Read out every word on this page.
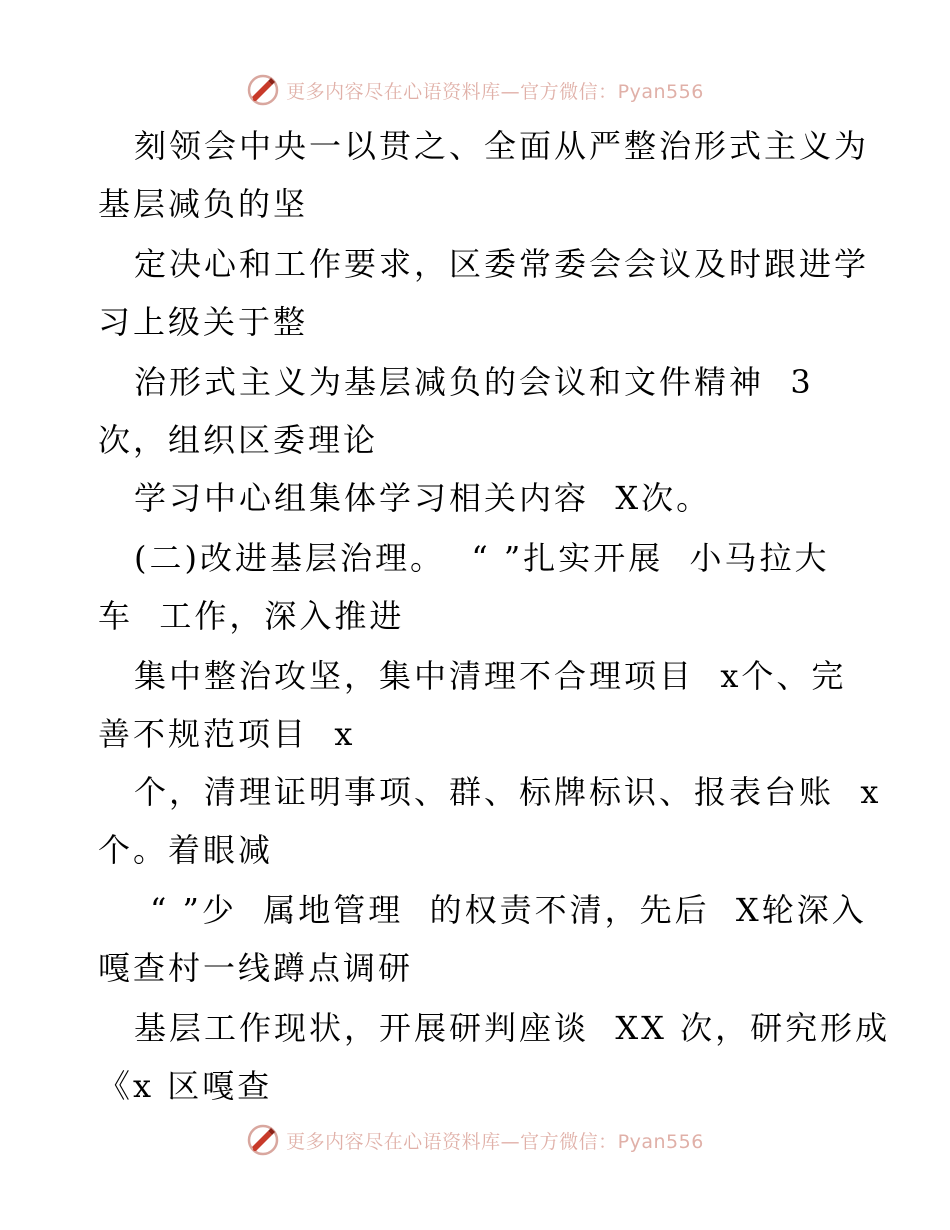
更多内容尽在心语资料库—官方微信：Pyan556
刻领会中央一以贯之、全面从严整治形式主义为
基层减负的坚
定决心和工作要求，区委常委会会议及时跟进学
习上级关于整
治形式主义为基层减负的会议和文件精神  3
次，组织区委理论
学习中心组集体学习相关内容  X次。
(二)改进基层治理。  “ ”扎实开展  小马拉大
车  工作，深入推进
集中整治攻坚，集中清理不合理项目  x个、完
善不规范项目  x
个，清理证明事项、群、标牌标识、报表台账  x
个。着眼减
“ ”少  属地管理  的权责不清，先后  X轮深入
嘎查村一线蹲点调研
基层工作现状，开展研判座谈  XX 次，研究形成
《x 区嘎查
更多内容尽在心语资料库—官方微信：Pyan556
